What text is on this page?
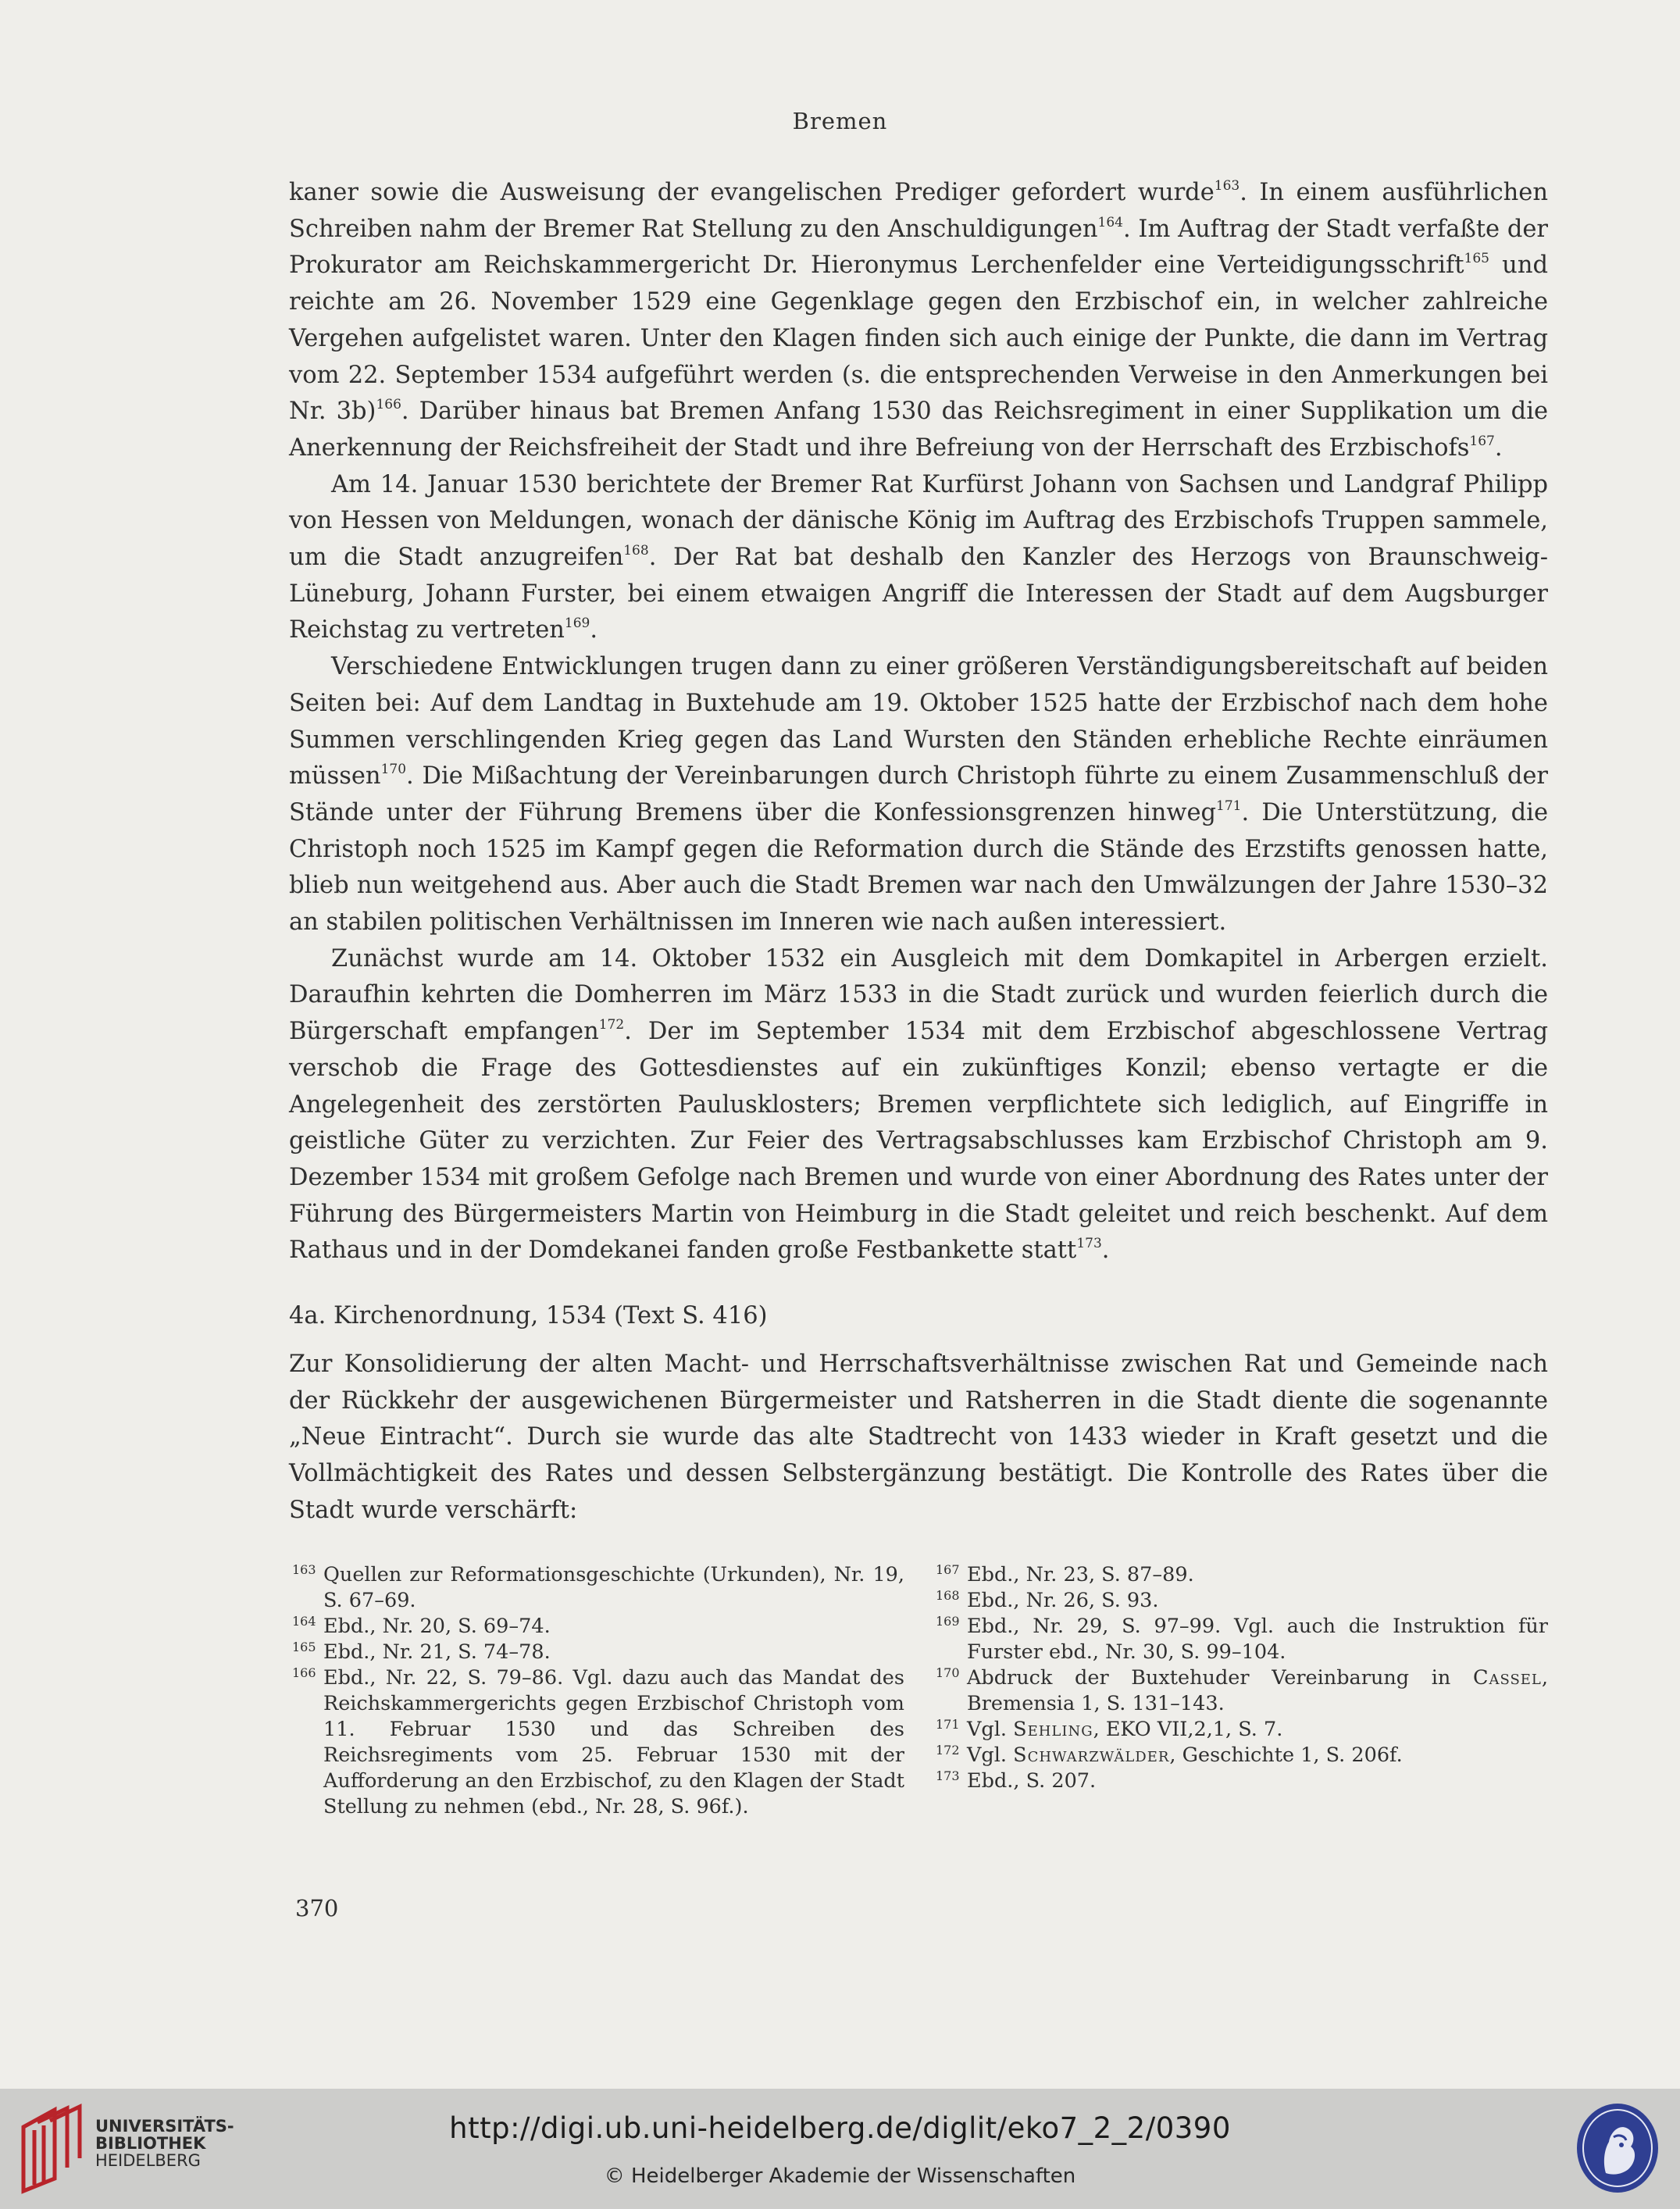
Bremen

kaner sowie die Ausweisung der evangelischen Prediger gefordert wurde$^{163}$. In einem ausführlichen Schreiben nahm der Bremer Rat Stellung zu den Anschuldigungen$^{164}$. Im Auftrag der Stadt verfaßte der Prokurator am Reichskammergericht Dr. Hieronymus Lerchenfelder eine Verteidigungsschrift$^{165}$ und reichte am 26. November 1529 eine Gegenklage gegen den Erzbischof ein, in welcher zahlreiche Vergehen aufgelistet waren. Unter den Klagen finden sich auch einige der Punkte, die dann im Vertrag vom 22. September 1534 aufgeführt werden (s. die entsprechenden Verweise in den Anmerkungen bei Nr. 3b)$^{166}$. Darüber hinaus bat Bremen Anfang 1530 das Reichsregiment in einer Supplikation um die Anerkennung der Reichsfreiheit der Stadt und ihre Befreiung von der Herrschaft des Erzbischofs$^{167}$.

Am 14. Januar 1530 berichtete der Bremer Rat Kurfürst Johann von Sachsen und Landgraf Philipp von Hessen von Meldungen, wonach der dänische König im Auftrag des Erzbischofs Truppen sammele, um die Stadt anzugreifen$^{168}$. Der Rat bat deshalb den Kanzler des Herzogs von Braunschweig-Lüneburg, Johann Furster, bei einem etwaigen Angriff die Interessen der Stadt auf dem Augsburger Reichstag zu vertreten$^{169}$.

Verschiedene Entwicklungen trugen dann zu einer größeren Verständigungsbereitschaft auf beiden Seiten bei: Auf dem Landtag in Buxtehude am 19. Oktober 1525 hatte der Erzbischof nach dem hohe Summen verschlingenden Krieg gegen das Land Wursten den Ständen erhebliche Rechte einräumen müssen$^{170}$. Die Mißachtung der Vereinbarungen durch Christoph führte zu einem Zusammenschluß der Stände unter der Führung Bremens über die Konfessionsgrenzen hinweg$^{171}$. Die Unterstützung, die Christoph noch 1525 im Kampf gegen die Reformation durch die Stände des Erzstifts genossen hatte, blieb nun weitgehend aus. Aber auch die Stadt Bremen war nach den Umwälzungen der Jahre 1530–32 an stabilen politischen Verhältnissen im Inneren wie nach außen interessiert.

Zunächst wurde am 14. Oktober 1532 ein Ausgleich mit dem Domkapitel in Arbergen erzielt. Daraufhin kehrten die Domherren im März 1533 in die Stadt zurück und wurden feierlich durch die Bürgerschaft empfangen$^{172}$. Der im September 1534 mit dem Erzbischof abgeschlossene Vertrag verschob die Frage des Gottesdienstes auf ein zukünftiges Konzil; ebenso vertagte er die Angelegenheit des zerstörten Paulusklosters; Bremen verpflichtete sich lediglich, auf Eingriffe in geistliche Güter zu verzichten. Zur Feier des Vertragsabschlusses kam Erzbischof Christoph am 9. Dezember 1534 mit großem Gefolge nach Bremen und wurde von einer Abordnung des Rates unter der Führung des Bürgermeisters Martin von Heimburg in die Stadt geleitet und reich beschenkt. Auf dem Rathaus und in der Domdekanei fanden große Festbankette statt$^{173}$.

4a. Kirchenordnung, 1534 (Text S. 416)

Zur Konsolidierung der alten Macht- und Herrschaftsverhältnisse zwischen Rat und Gemeinde nach der Rückkehr der ausgewichenen Bürgermeister und Ratsherren in die Stadt diente die sogenannte „Neue Eintracht“. Durch sie wurde das alte Stadtrecht von 1433 wieder in Kraft gesetzt und die Vollmächtigkeit des Rates und dessen Selbstergänzung bestätigt. Die Kontrolle des Rates über die Stadt wurde verschärft:

163 Quellen zur Reformationsgeschichte (Urkunden), Nr. 19, S. 67–69.
164 Ebd., Nr. 20, S. 69–74.
165 Ebd., Nr. 21, S. 74–78.
166 Ebd., Nr. 22, S. 79–86. Vgl. dazu auch das Mandat des Reichskammergerichts gegen Erzbischof Christoph vom 11. Februar 1530 und das Schreiben des Reichsregiments vom 25. Februar 1530 mit der Aufforderung an den Erzbischof, zu den Klagen der Stadt Stellung zu nehmen (ebd., Nr. 28, S. 96f.).
167 Ebd., Nr. 23, S. 87–89.
168 Ebd., Nr. 26, S. 93.
169 Ebd., Nr. 29, S. 97–99. Vgl. auch die Instruktion für Furster ebd., Nr. 30, S. 99–104.
170 Abdruck der Buxtehuder Vereinbarung in Cassel, Bremensia 1, S. 131–143.
171 Vgl. Sehling, EKO VII,2,1, S. 7.
172 Vgl. Schwarzwälder, Geschichte 1, S. 206f.
173 Ebd., S. 207.
370
UNIVERSITÄTS-
BIBLIOTHEK
HEIDELBERG
http://digi.ub.uni-heidelberg.de/diglit/eko7_2_2/0390
© Heidelberger Akademie der Wissenschaften
